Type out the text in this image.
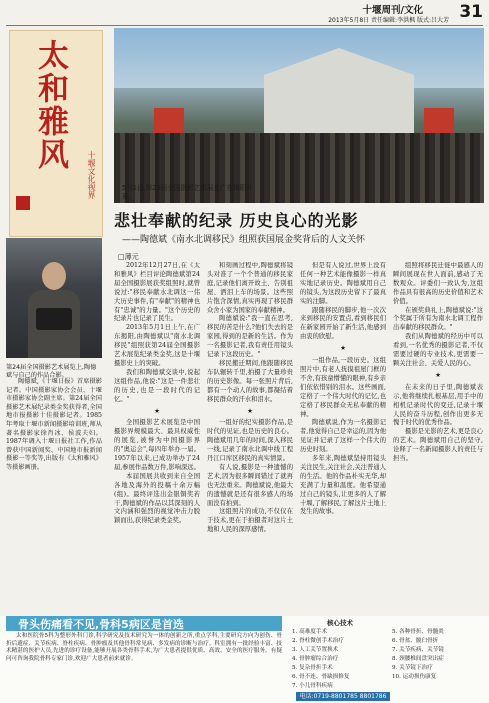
十堰周刊/文化 31
2013年5月8日 责任编辑:李洪枫 版式:吕大芳
太和雅风
十堰文化视界
第24届全国摄影艺术展览上,陶德斌与自己的作品合影。
陶德斌,《十堰日报》首席摄影记者。中国摄影家协会会员、十堰市摄影家协会副主席。第24届全国摄影艺术展纪录类金奖获得者,全国地市报摄影十佳摄影记者。1985年考取十堰市新闻摄影培训班,师从著名摄影家徐肖冰、侯波夫妇。1987年调入十堰日报社工作,作品曾获中国新闻奖、中国地市报新闻摄影一等奖等,出版有《太和雅风》等摄影画册。
5月1日,第24届全国摄影艺术展在广东揭阳开幕。
悲壮奉献的纪录 历史良心的光影
——陶德斌《南水北调移民》组照获国展金奖背后的人文关怀
□薄元

2012年12月27日,在《太和雅风》栏目评论陶德斌第24届全国摄影展获奖组照时,就曾说过:"移民奉献水北调这一伟大历史事件,有"奉献"的精神也有"忠诚"的力量。"这个历史的纪录片也记录了民生。

2013年5月1日上午,在广东揭阳,由陶德斌以"南水北调移民"组照获第24届全国摄影艺术展览纪录类金奖,这是十堰摄影史上的突破。

我们和陶德斌交谈中,说起这组作品,他说:"这是一件悲壮的历史,也是一段时代的记忆。"

★

全国摄影艺术展览是中国摄影界规模最大、最具权威性的展览,被誉为中国摄影界的"奥运会",每四年举办一届。1957年以来,已成功举办了24届,参展作品数万件,影响深远。

本届国展共收到来自全国各地及海外的投稿十余万幅(组)。最终评选出金银铜奖若干,陶德斌的作品以其深刻的人文内涵和强烈的视觉冲击力脱颖而出,获得纪录类金奖。

和刻画过程中,陶德斌将镜头对准了一个个普通的移民家庭,记录他们离开故土、告别祖屋、洒泪上车的场景。这些照片饱含深情,真实再现了移民群众舍小家为国家的奉献精神。

陶德斌说:"我一直在思考,移民的苦是什么?他们失去的是家园,得到的是新的生活。作为一名摄影记者,我有责任用镜头记录下这段历史。"

移民搬迁期间,他跟随移民车队辗转千里,拍摄了大量珍贵的历史影像。每一张照片背后,都有一个动人的故事,都凝结着移民群众的汗水和泪水。

★

一组好的纪实摄影作品,是时代的见证,也是历史的良心。陶德斌用几年的时间,深入移民一线,记录了南水北调中线工程丹江口库区移民的真实情景。

有人说,摄影是一种遗憾的艺术,因为很多瞬间错过了就再也无法重来。陶德斌说,他最大的遗憾就是还有很多感人的场面没有拍到。

这组照片的成功,不仅仅在于技术,更在于拍摄者对这片土地和人民的深厚感情。

但是有人说过,世界上没有任何一种艺术能像摄影一样真实地记录历史。陶德斌用自己的镜头,为这段历史留下了最真实的注脚。

跟随移民的脚步,他一次次来到移民的安置点,看到移民们在新家园开始了新生活,他感到由衷的欣慰。

★

一组作品,一段历史。这组照片中,有老人抚摸祖屋门框的不舍,有孩童懵懂的眼神,有乡亲们依依惜别的泪水。这些画面,定格了一个伟大时代的记忆,也定格了移民群众无私奉献的精神。

陶德斌说,作为一名摄影记者,他觉得自己是幸运的,因为他见证并记录了这样一个伟大的历史时刻。

多年来,陶德斌坚持用镜头关注民生,关注社会,关注普通人的生活。他的作品朴实无华,却充满了力量和温度。他希望通过自己的镜头,让更多的人了解十堰,了解移民,了解这片土地上发生的故事。

组照将移民迁徙中最感人的瞬间展现在世人面前,感动了无数观众。评委们一致认为,这组作品具有很高的历史价值和艺术价值。

在颁奖典礼上,陶德斌说:"这个奖属于所有为南水北调工程作出奉献的移民群众。"

我们从陶德斌的经历中可以看到,一名优秀的摄影记者,不仅需要过硬的专业技术,更需要一颗关注社会、关爱人民的心。

★

在未来的日子里,陶德斌表示,他将继续扎根基层,用手中的相机记录时代的变迁,记录十堰人民的奋斗历程,创作出更多无愧于时代的优秀作品。

摄影是光影的艺术,更是良心的艺术。陶德斌用自己的坚守,诠释了一名新闻摄影人的责任与担当。

骨头伤痛看不见,骨科5病区是首选
太和医院骨5科为整形外科门诊,科学研究及技术研究为一体的创新之所,重点学科,主要研究方向为创伤、骨折后遗症、关节疾病、脊柱疾病、骨肿瘤及其他骨科常见病、多发病的诊断与治疗。科室拥有一批经验丰富、技术精湛的医护人员,先进的诊疗设备,能够开展各类骨科手术,为广大患者提供优质、高效、安全的医疗服务。有疑问可咨询我院骨科专家门诊,欢迎广大患者前来就诊。
核心技术
1. 高难度手术
2. 脊柱微创手术治疗
3. 人工关节置换术
4. 骨肿瘤综合治疗
5. 复杂骨折手术
6. 骨不连、骨缺损修复
7. 小儿骨科疾病
5. 各种骨折、骨髓炎
6. 骨盆、髋臼骨折
7. 关节疾病、关节镜
8. 颈腰椎间盘突出症
9. 关节镜下治疗
10. 运动损伤康复
电话:0719-8801785 8801786
